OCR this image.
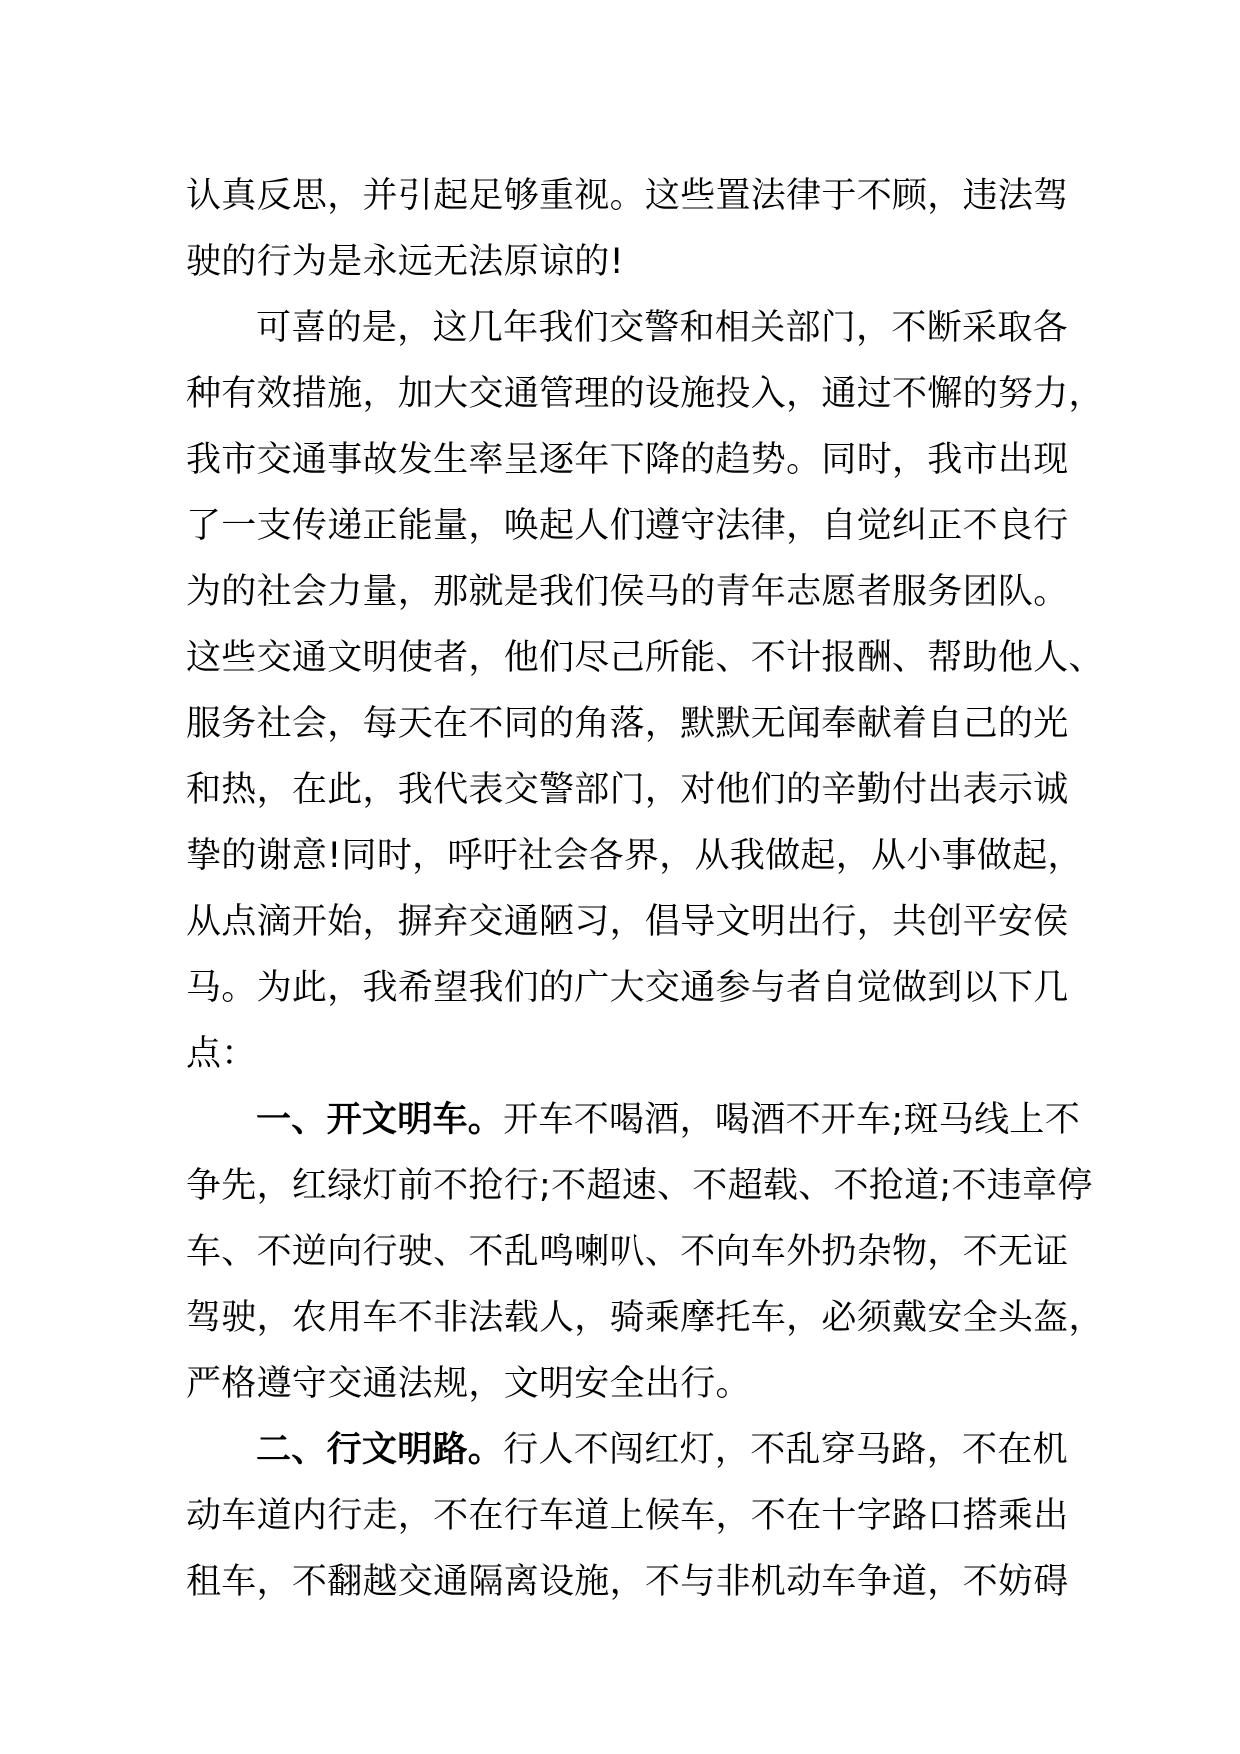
认真反思，并引起足够重视。这些置法律于不顾，违法驾
驶的行为是永远无法原谅的!
可喜的是，这几年我们交警和相关部门，不断采取各
种有效措施，加大交通管理的设施投入，通过不懈的努力，
我市交通事故发生率呈逐年下降的趋势。同时，我市出现
了一支传递正能量，唤起人们遵守法律，自觉纠正不良行
为的社会力量，那就是我们侯马的青年志愿者服务团队。
这些交通文明使者，他们尽己所能、不计报酬、帮助他人、
服务社会，每天在不同的角落，默默无闻奉献着自己的光
和热，在此，我代表交警部门，对他们的辛勤付出表示诚
挚的谢意!同时，呼吁社会各界，从我做起，从小事做起，
从点滴开始，摒弃交通陋习，倡导文明出行，共创平安侯
马。为此，我希望我们的广大交通参与者自觉做到以下几
点：
一、开文明车。开车不喝酒，喝酒不开车;斑马线上不
争先，红绿灯前不抢行;不超速、不超载、不抢道;不违章停
车、不逆向行驶、不乱鸣喇叭、不向车外扔杂物，不无证
驾驶，农用车不非法载人，骑乘摩托车，必须戴安全头盔，
严格遵守交通法规，文明安全出行。
二、行文明路。行人不闯红灯，不乱穿马路，不在机
动车道内行走，不在行车道上候车，不在十字路口搭乘出
租车，不翻越交通隔离设施，不与非机动车争道，不妨碍
